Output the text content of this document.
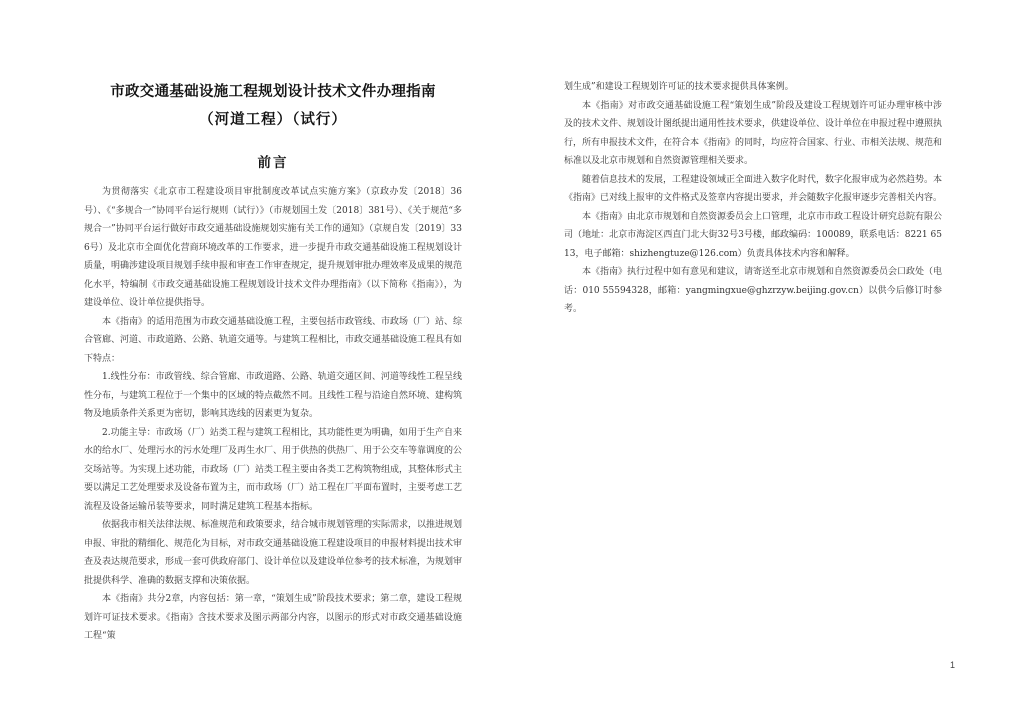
市政交通基础设施工程规划设计技术文件办理指南
（河道工程）（试行）
前言

为贯彻落实《北京市工程建设项目审批制度改革试点实施方案》（京政办发〔2018〕36号）、《“多规合一”协同平台运行规则（试行）》（市规划国土发〔2018〕381号）、《关于规范“多规合一”协同平台运行做好市政交通基础设施规划实施有关工作的通知》（京规自发〔2019〕336号）及北京市全面优化营商环境改革的工作要求，进一步提升市政交通基础设施工程规划设计质量，明确涉建设项目规划手续申报和审查工作审查规定，提升规划审批办理效率及成果的规范化水平，特编制《市政交通基础设施工程规划设计技术文件办理指南》（以下简称《指南》），为建设单位、设计单位提供指导。

本《指南》的适用范围为市政交通基础设施工程，主要包括市政管线、市政场（厂）站、综合管廊、河道、市政道路、公路、轨道交通等。与建筑工程相比，市政交通基础设施工程具有如下特点：

1.线性分布：市政管线、综合管廊、市政道路、公路、轨道交通区间、河道等线性工程呈线性分布，与建筑工程位于一个集中的区域的特点截然不同。且线性工程与沿途自然环境、建构筑物及地质条件关系更为密切，影响其选线的因素更为复杂。

2.功能主导：市政场（厂）站类工程与建筑工程相比，其功能性更为明确，如用于生产自来水的给水厂、处理污水的污水处理厂及再生水厂、用于供热的供热厂、用于公交车等靠调度的公交场站等。为实现上述功能，市政场（厂）站类工程主要由各类工艺构筑物组成，其整体形式主要以满足工艺处理要求及设备布置为主，而市政场（厂）站工程在厂平面布置时，主要考虑工艺流程及设备运输吊装等要求，同时满足建筑工程基本指标。

依据我市相关法律法规、标准规范和政策要求，结合城市规划管理的实际需求，以推进规划申报、审批的精细化、规范化为目标，对市政交通基础设施工程建设项目的申报材料提出技术审查及表达规范要求，形成一套可供政府部门、设计单位以及建设单位参考的技术标准，为规划审批提供科学、准确的数据支撑和决策依据。

本《指南》共分2章，内容包括：第一章，“策划生成”阶段技术要求；第二章，建设工程规划许可证技术要求。《指南》含技术要求及图示两部分内容，以图示的形式对市政交通基础设施工程“策

划生成”和建设工程规划许可证的技术要求提供具体案例。

本《指南》对市政交通基础设施工程“策划生成”阶段及建设工程规划许可证办理审核中涉及的技术文件、规划设计图纸提出通用性技术要求，供建设单位、设计单位在申报过程中遵照执行，所有申报技术文件，在符合本《指南》的同时，均应符合国家、行业、市相关法规、规范和标准以及北京市规划和自然资源管理相关要求。

随着信息技术的发展，工程建设领域正全面进入数字化时代，数字化报审成为必然趋势。本《指南》已对线上报审的文件格式及签章内容提出要求，并会随数字化报审逐步完善相关内容。

本《指南》由北京市规划和自然资源委员会上口管理，北京市市政工程设计研究总院有限公司（地址：北京市海淀区西直门北大街32号3号楼，邮政编码：100089，联系电话：8221 6513，电子邮箱：shizhengtuze@126.com）负责具体技术内容和解释。

本《指南》执行过程中如有意见和建议，请寄送至北京市规划和自然资源委员会口政处（电话：010 55594328，邮箱：yangmingxue@ghzrzyw.beijing.gov.cn）以供今后修订时参考。

1
